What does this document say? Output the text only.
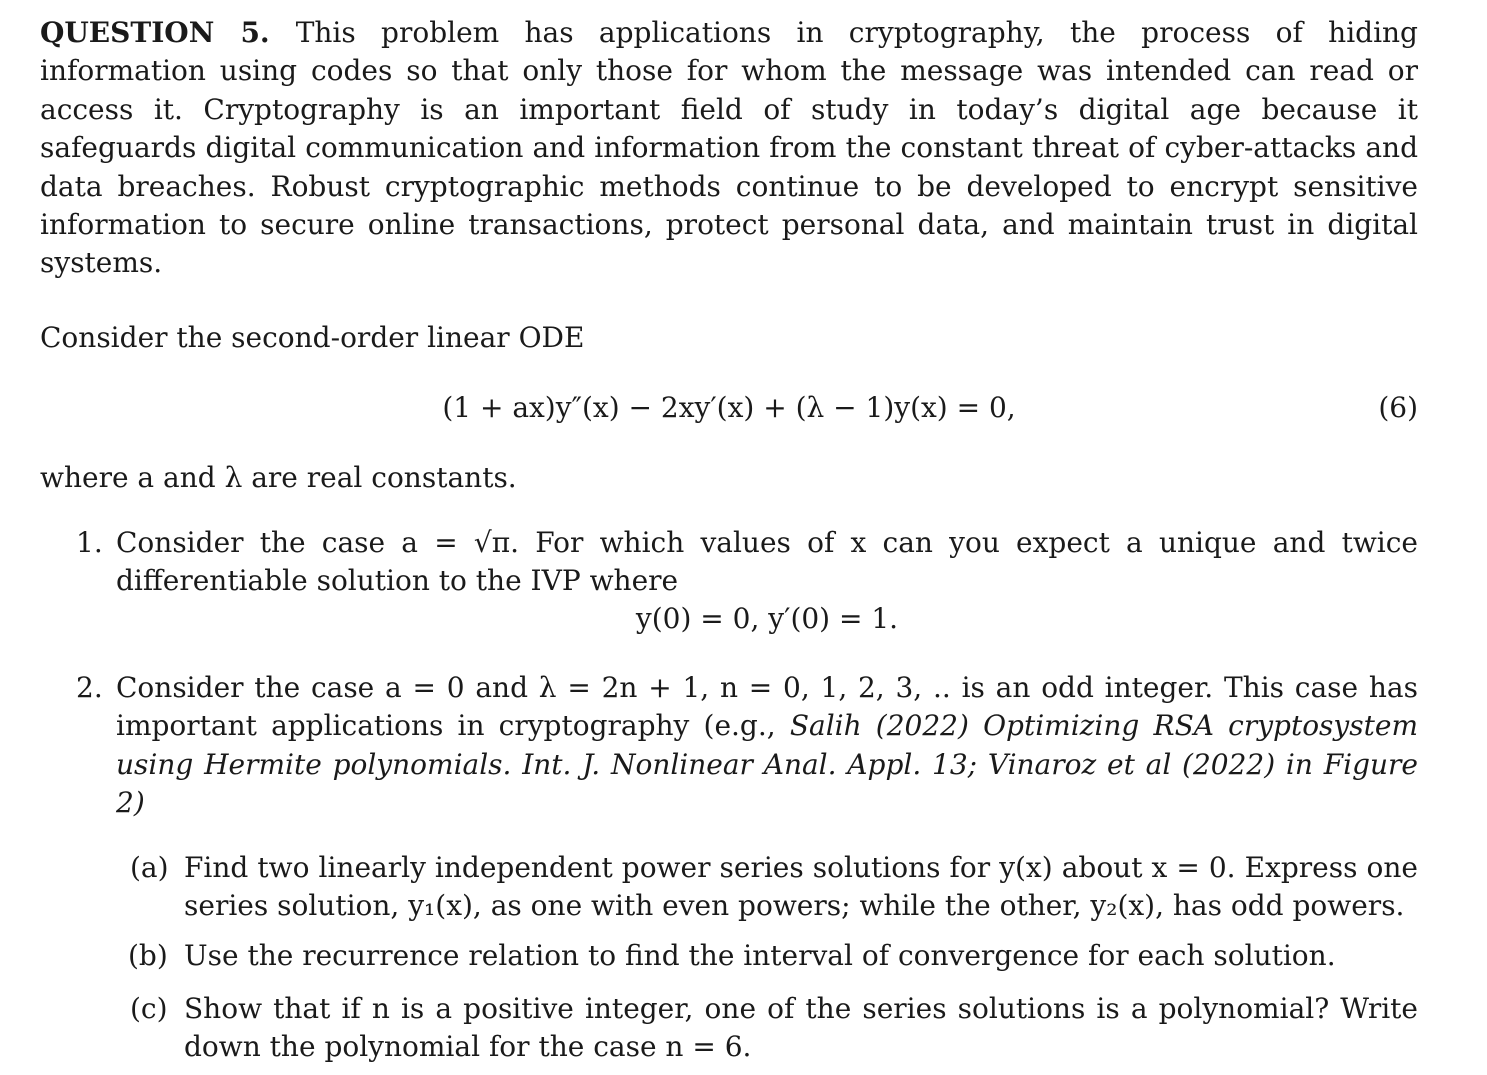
QUESTION 5. This problem has applications in cryptography, the process of hiding information using codes so that only those for whom the message was intended can read or access it. Cryptography is an important field of study in today’s digital age because it safeguards digital communication and information from the constant threat of cyber-attacks and data breaches. Robust cryptographic methods continue to be developed to encrypt sensitive information to secure online transactions, protect personal data, and maintain trust in digital systems.

Consider the second-order linear ODE

(1 + ax)y″(x) − 2xy′(x) + (λ − 1)y(x) = 0,	(6)

where a and λ are real constants.

1. Consider the case a = √π. For which values of x can you expect a unique and twice differentiable solution to the IVP where
y(0) = 0, y′(0) = 1.
2. Consider the case a = 0 and λ = 2n + 1, n = 0, 1, 2, 3, .. is an odd integer. This case has important applications in cryptography (e.g., Salih (2022) Optimizing RSA cryptosystem using Hermite polynomials. Int. J. Nonlinear Anal. Appl. 13; Vinaroz et al (2022) in Figure 2)
(a) Find two linearly independent power series solutions for y(x) about x = 0. Express one series solution, y₁(x), as one with even powers; while the other, y₂(x), has odd powers.
(b) Use the recurrence relation to find the interval of convergence for each solution.
(c) Show that if n is a positive integer, one of the series solutions is a polynomial? Write down the polynomial for the case n = 6.
